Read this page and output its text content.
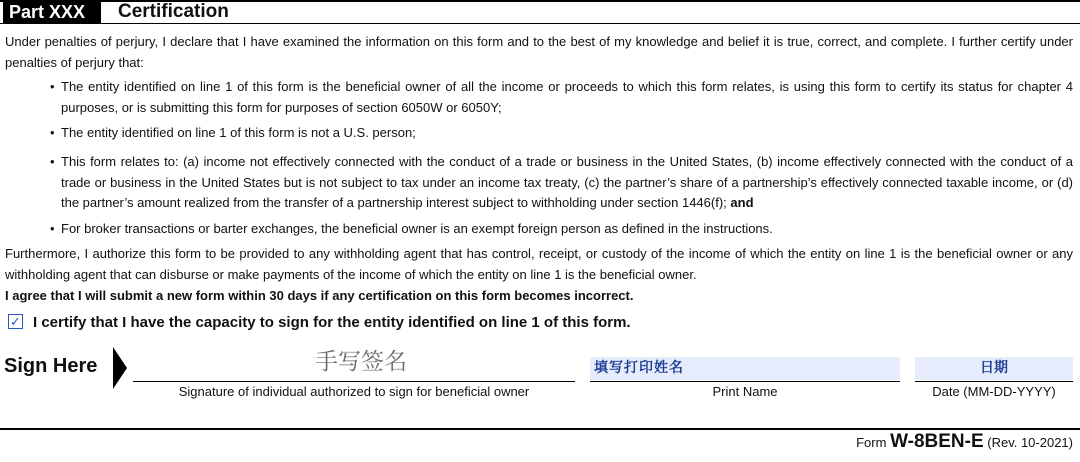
Part XXX	Certification
Under penalties of perjury, I declare that I have examined the information on this form and to the best of my knowledge and belief it is true, correct, and complete. I further certify under penalties of perjury that:
• The entity identified on line 1 of this form is the beneficial owner of all the income or proceeds to which this form relates, is using this form to certify its status for chapter 4 purposes, or is submitting this form for purposes of section 6050W or 6050Y;
• The entity identified on line 1 of this form is not a U.S. person;
• This form relates to: (a) income not effectively connected with the conduct of a trade or business in the United States, (b) income effectively connected with the conduct of a trade or business in the United States but is not subject to tax under an income tax treaty, (c) the partner’s share of a partnership’s effectively connected taxable income, or (d) the partner’s amount realized from the transfer of a partnership interest subject to withholding under section 1446(f); and
• For broker transactions or barter exchanges, the beneficial owner is an exempt foreign person as defined in the instructions.
Furthermore, I authorize this form to be provided to any withholding agent that has control, receipt, or custody of the income of which the entity on line 1 is the beneficial owner or any withholding agent that can disburse or make payments of the income of which the entity on line 1 is the beneficial owner.
I agree that I will submit a new form within 30 days if any certification on this form becomes incorrect.
✓ I certify that I have the capacity to sign for the entity identified on line 1 of this form.
Sign Here	手写签名
Signature of individual authorized to sign for beneficial owner
填写打印姓名
Print Name
日期
Date (MM-DD-YYYY)
Form W-8BEN-E (Rev. 10-2021)
